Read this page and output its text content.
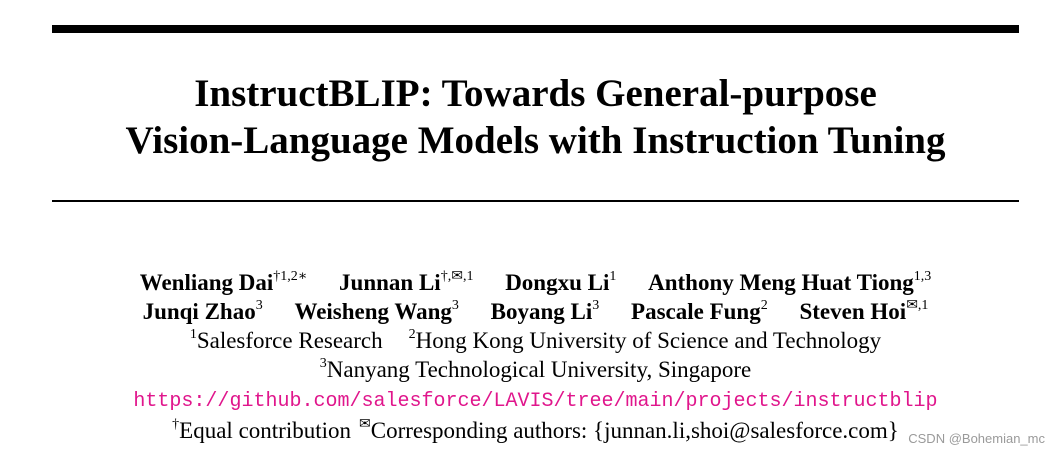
InstructBLIP: Towards General-purpose
Vision-Language Models with Instruction Tuning
Wenliang Dai$^{\dagger 1,2∗}$ Junnan $Li^{\dagger,✉,1}$ Dongxu Li$^1$ Anthony Meng Huat Tiong$^{1,3}$
Junqi Zhao$^3$ Weisheng Wang$^3$ Boyang Li$^3$ Pascale Fung$^2$ Steven Hoi$^{✉,1}$
$^1$Salesforce Research $^2$Hong Kong University of Science and Technology
$^3$Nanyang Technological University, Singapore
https://github.com/salesforce/LAVIS/tree/main/projects/instructblip
†Equal contribution ✉Corresponding authors: {junnan.li,shoi@salesforce.com} CSDN @Bohemian_mc
